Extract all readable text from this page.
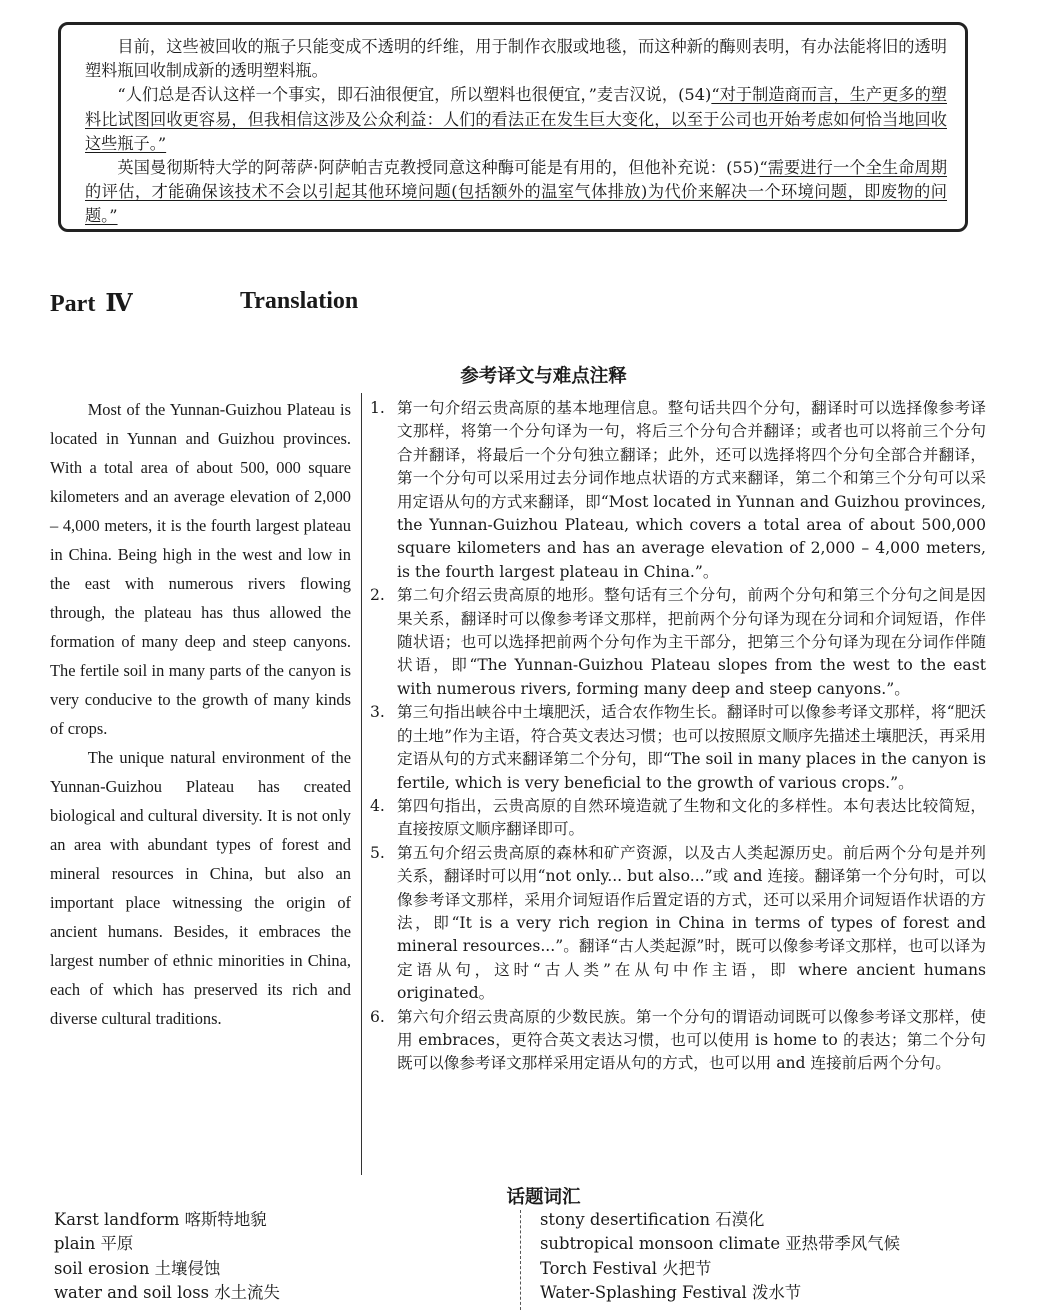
目前，这些被回收的瓶子只能变成不透明的纤维，用于制作衣服或地毯，而这种新的酶则表明，有办法能将旧的透明塑料瓶回收制成新的透明塑料瓶。

“人们总是否认这样一个事实，即石油很便宜，所以塑料也很便宜，”麦吉汉说，(54)“对于制造商而言，生产更多的塑料比试图回收更容易，但我相信这涉及公众利益：人们的看法正在发生巨大变化，以至于公司也开始考虑如何恰当地回收这些瓶子。”

英国曼彻斯特大学的阿蒂萨·阿萨帕吉克教授同意这种酶可能是有用的，但他补充说：(55)“需要进行一个全生命周期的评估，才能确保该技术不会以引起其他环境问题(包括额外的温室气体排放)为代价来解决一个环境问题，即废物的问题。”

Part Ⅳ	Translation
参考译文与难点注释

Most of the Yunnan-Guizhou Plateau is located in Yunnan and Guizhou provinces. With a total area of about 500, 000 square kilometers and an average elevation of 2,000 – 4,000 meters, it is the fourth largest plateau in China. Being high in the west and low in the east with numerous rivers flowing through, the plateau has thus allowed the formation of many deep and steep canyons. The fertile soil in many parts of the canyon is very conducive to the growth of many kinds of crops.

The unique natural environment of the Yunnan-Guizhou Plateau has created biological and cultural diversity. It is not only an area with abundant types of forest and mineral resources in China, but also an important place witnessing the origin of ancient humans. Besides, it embraces the largest number of ethnic minorities in China, each of which has preserved its rich and diverse cultural traditions.

1. 第一句介绍云贵高原的基本地理信息。整句话共四个分句，翻译时可以选择像参考译文那样，将第一个分句译为一句，将后三个分句合并翻译；或者也可以将前三个分句合并翻译，将最后一个分句独立翻译；此外，还可以选择将四个分句全部合并翻译，第一个分句可以采用过去分词作地点状语的方式来翻译，第二个和第三个分句可以采用定语从句的方式来翻译，即“Most located in Yunnan and Guizhou provinces, the Yunnan-Guizhou Plateau, which covers a total area of about 500,000 square kilometers and has an average elevation of 2,000 – 4,000 meters, is the fourth largest plateau in China.”。
2. 第二句介绍云贵高原的地形。整句话有三个分句，前两个分句和第三个分句之间是因果关系，翻译时可以像参考译文那样，把前两个分句译为现在分词和介词短语，作伴随状语；也可以选择把前两个分句作为主干部分，把第三个分句译为现在分词作伴随状语，即“The Yunnan-Guizhou Plateau slopes from the west to the east with numerous rivers, forming many deep and steep canyons.”。
3. 第三句指出峡谷中土壤肥沃，适合农作物生长。翻译时可以像参考译文那样，将“肥沃的土地”作为主语，符合英文表达习惯；也可以按照原文顺序先描述土壤肥沃，再采用定语从句的方式来翻译第二个分句，即“The soil in many places in the canyon is fertile, which is very beneficial to the growth of various crops.”。
4. 第四句指出，云贵高原的自然环境造就了生物和文化的多样性。本句表达比较简短，直接按原文顺序翻译即可。
5. 第五句介绍云贵高原的森林和矿产资源，以及古人类起源历史。前后两个分句是并列关系，翻译时可以用“not only... but also...”或 and 连接。翻译第一个分句时，可以像参考译文那样，采用介词短语作后置定语的方式，还可以采用介词短语作状语的方法，即“It is a very rich region in China in terms of types of forest and mineral resources...”。翻译“古人类起源”时，既可以像参考译文那样，也可以译为定语从句，这时“古人类”在从句中作主语，即 where ancient humans originated。
6. 第六句介绍云贵高原的少数民族。第一个分句的谓语动词既可以像参考译文那样，使用 embraces，更符合英文表达习惯，也可以使用 is home to 的表达；第二个分句既可以像参考译文那样采用定语从句的方式，也可以用 and 连接前后两个分句。
话题词汇
Karst landform 喀斯特地貌
plain 平原
soil erosion 土壤侵蚀
water and soil loss 水土流失
stony desertification 石漠化
subtropical monsoon climate 亚热带季风气候
Torch Festival 火把节
Water-Splashing Festival 泼水节
